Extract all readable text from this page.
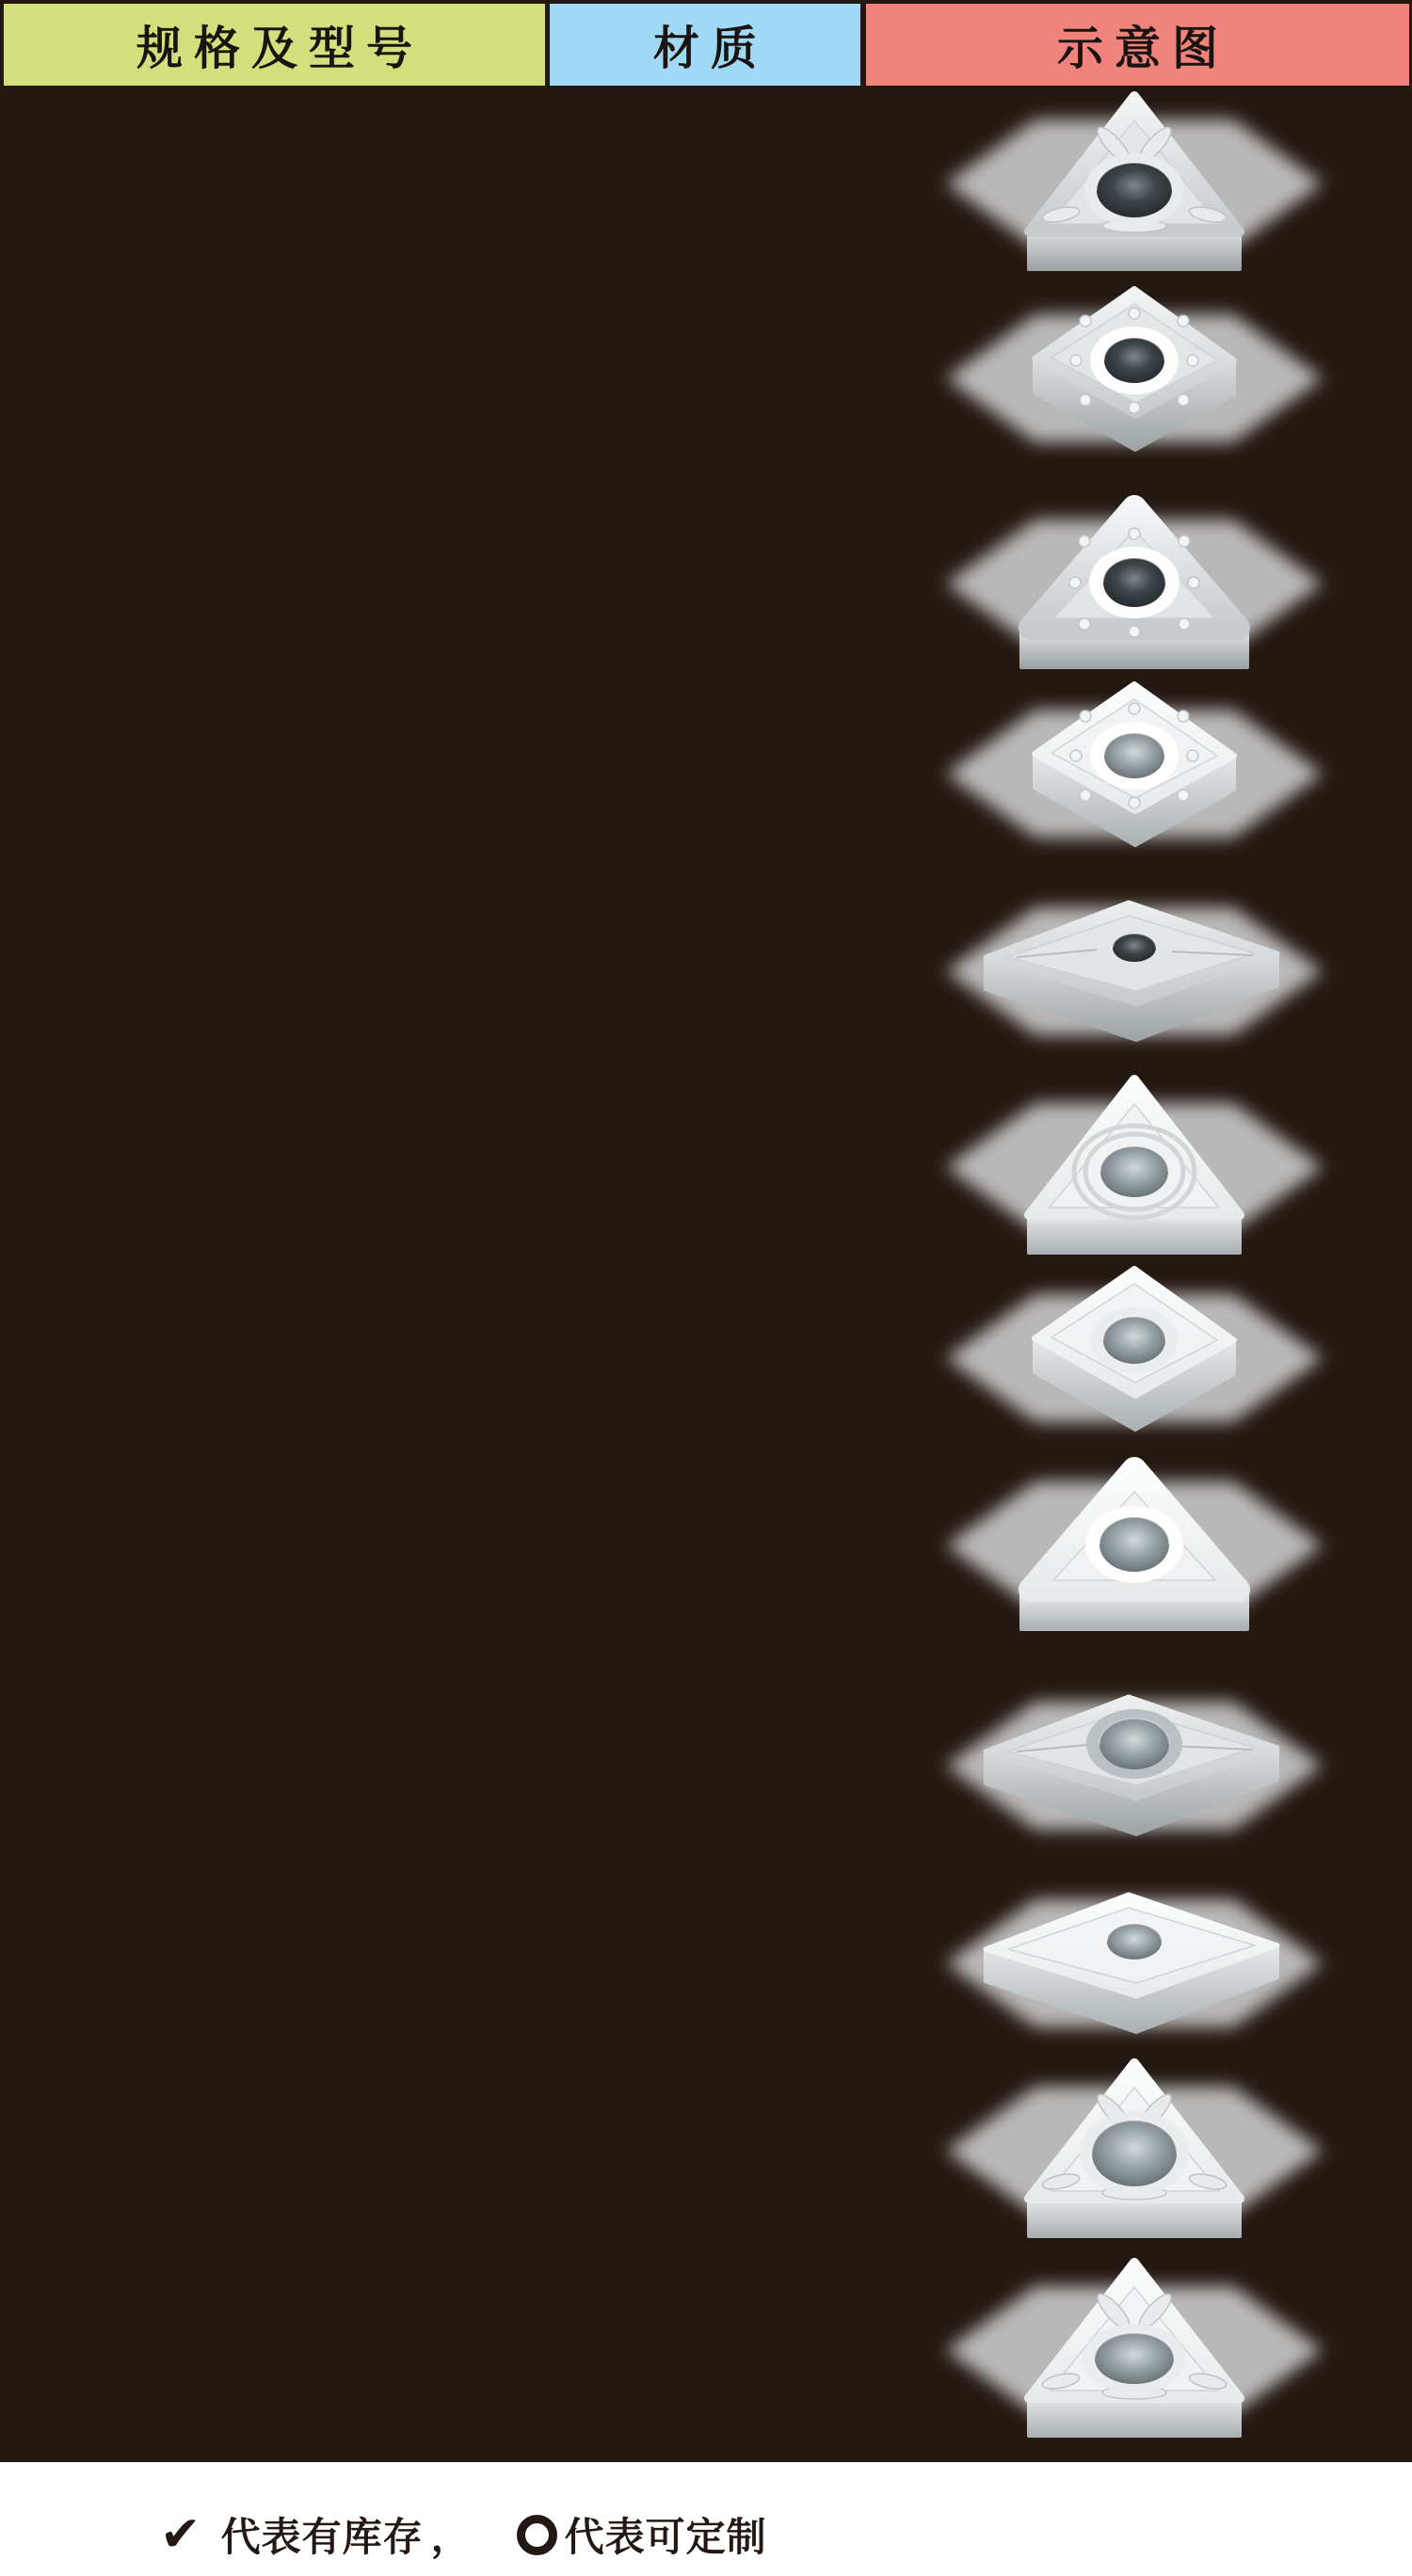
规格及型号	材质	示意图
✔ 代表有库存 ， 代表可定制
